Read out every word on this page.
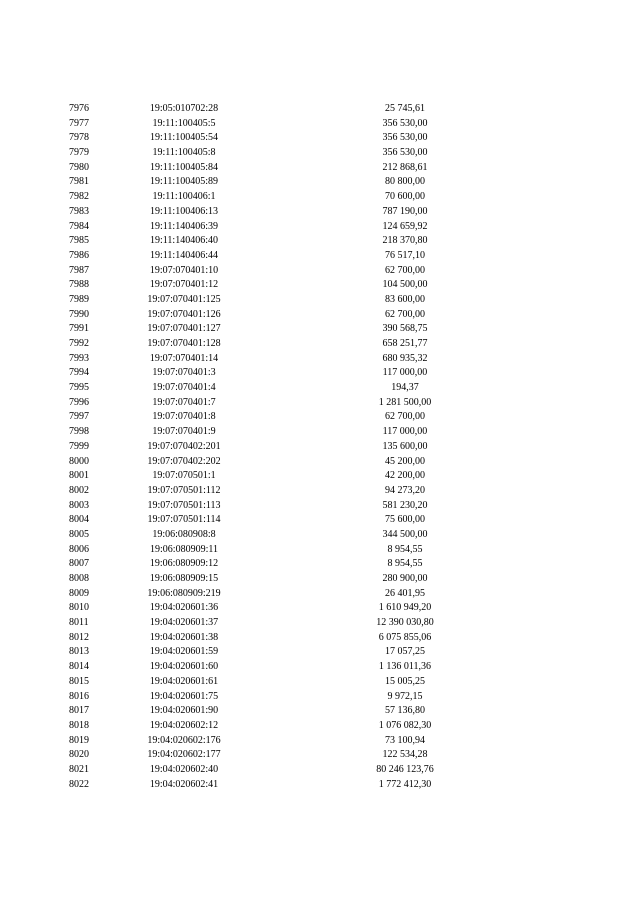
7976	19:05:010702:28	25 745,61
7977	19:11:100405:5	356 530,00
7978	19:11:100405:54	356 530,00
7979	19:11:100405:8	356 530,00
7980	19:11:100405:84	212 868,61
7981	19:11:100405:89	80 800,00
7982	19:11:100406:1	70 600,00
7983	19:11:100406:13	787 190,00
7984	19:11:140406:39	124 659,92
7985	19:11:140406:40	218 370,80
7986	19:11:140406:44	76 517,10
7987	19:07:070401:10	62 700,00
7988	19:07:070401:12	104 500,00
7989	19:07:070401:125	83 600,00
7990	19:07:070401:126	62 700,00
7991	19:07:070401:127	390 568,75
7992	19:07:070401:128	658 251,77
7993	19:07:070401:14	680 935,32
7994	19:07:070401:3	117 000,00
7995	19:07:070401:4	194,37
7996	19:07:070401:7	1 281 500,00
7997	19:07:070401:8	62 700,00
7998	19:07:070401:9	117 000,00
7999	19:07:070402:201	135 600,00
8000	19:07:070402:202	45 200,00
8001	19:07:070501:1	42 200,00
8002	19:07:070501:112	94 273,20
8003	19:07:070501:113	581 230,20
8004	19:07:070501:114	75 600,00
8005	19:06:080908:8	344 500,00
8006	19:06:080909:11	8 954,55
8007	19:06:080909:12	8 954,55
8008	19:06:080909:15	280 900,00
8009	19:06:080909:219	26 401,95
8010	19:04:020601:36	1 610 949,20
8011	19:04:020601:37	12 390 030,80
8012	19:04:020601:38	6 075 855,06
8013	19:04:020601:59	17 057,25
8014	19:04:020601:60	1 136 011,36
8015	19:04:020601:61	15 005,25
8016	19:04:020601:75	9 972,15
8017	19:04:020601:90	57 136,80
8018	19:04:020602:12	1 076 082,30
8019	19:04:020602:176	73 100,94
8020	19:04:020602:177	122 534,28
8021	19:04:020602:40	80 246 123,76
8022	19:04:020602:41	1 772 412,30
